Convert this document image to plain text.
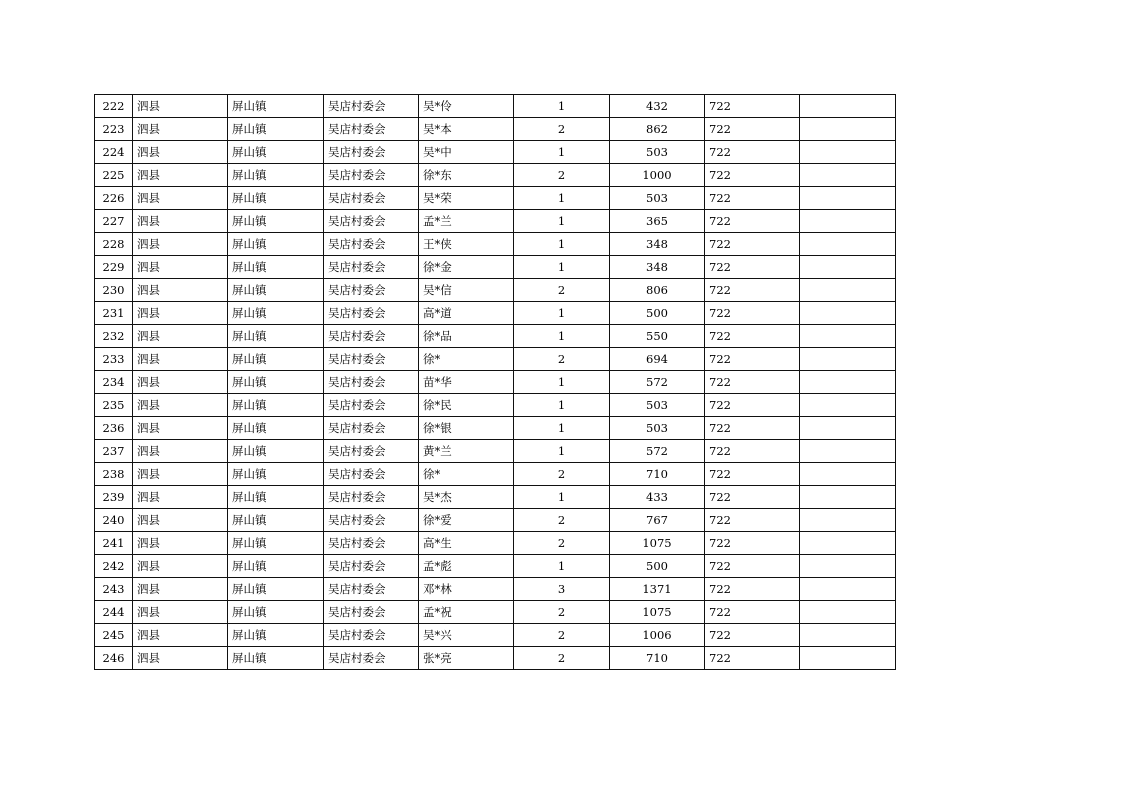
222	泗县	屏山镇	吴店村委会	吴*伶	1	432	722	
223	泗县	屏山镇	吴店村委会	吴*本	2	862	722	
224	泗县	屏山镇	吴店村委会	吴*中	1	503	722	
225	泗县	屏山镇	吴店村委会	徐*东	2	1000	722	
226	泗县	屏山镇	吴店村委会	吴*荣	1	503	722	
227	泗县	屏山镇	吴店村委会	孟*兰	1	365	722	
228	泗县	屏山镇	吴店村委会	王*侠	1	348	722	
229	泗县	屏山镇	吴店村委会	徐*金	1	348	722	
230	泗县	屏山镇	吴店村委会	吴*信	2	806	722	
231	泗县	屏山镇	吴店村委会	高*道	1	500	722	
232	泗县	屏山镇	吴店村委会	徐*品	1	550	722	
233	泗县	屏山镇	吴店村委会	徐*	2	694	722	
234	泗县	屏山镇	吴店村委会	苗*华	1	572	722	
235	泗县	屏山镇	吴店村委会	徐*民	1	503	722	
236	泗县	屏山镇	吴店村委会	徐*银	1	503	722	
237	泗县	屏山镇	吴店村委会	黄*兰	1	572	722	
238	泗县	屏山镇	吴店村委会	徐*	2	710	722	
239	泗县	屏山镇	吴店村委会	吴*杰	1	433	722	
240	泗县	屏山镇	吴店村委会	徐*爱	2	767	722	
241	泗县	屏山镇	吴店村委会	高*生	2	1075	722	
242	泗县	屏山镇	吴店村委会	孟*彪	1	500	722	
243	泗县	屏山镇	吴店村委会	邓*林	3	1371	722	
244	泗县	屏山镇	吴店村委会	孟*祝	2	1075	722	
245	泗县	屏山镇	吴店村委会	吴*兴	2	1006	722	
246	泗县	屏山镇	吴店村委会	张*亮	2	710	722	
